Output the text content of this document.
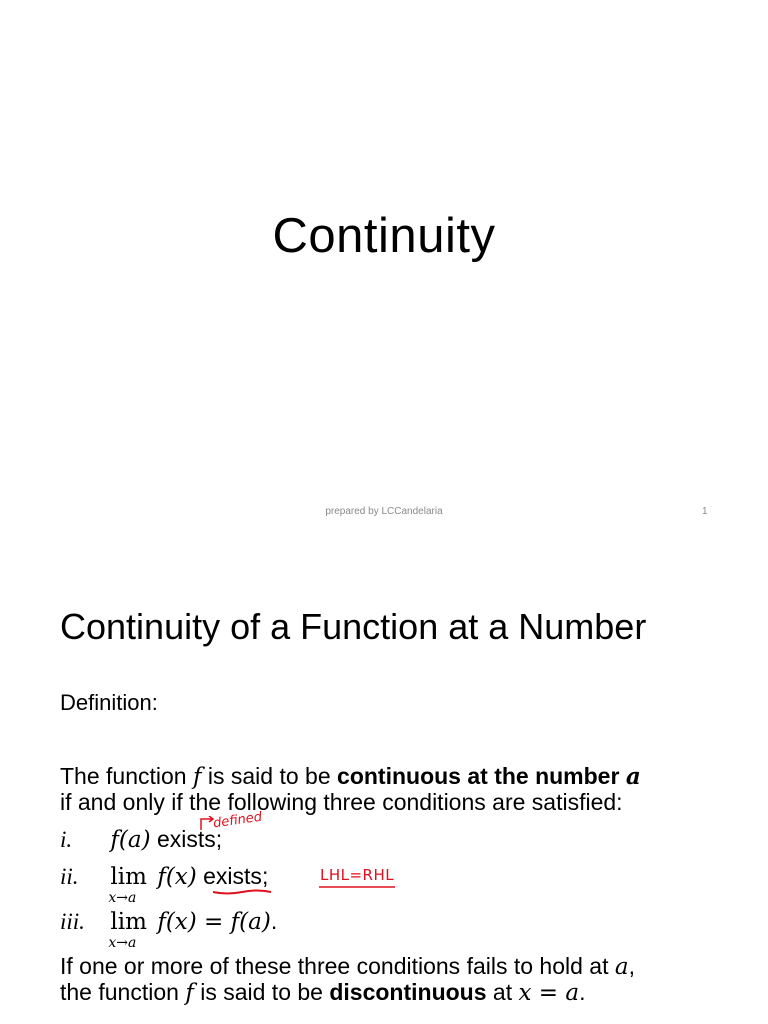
Continuity
prepared by LCCandelaria	1
Continuity of a Function at a Number
Definition:
The function f is said to be continuous at the number a
if and only if the following three conditions are satisfied:
i. f(a) exists;
ii. lim
x→a
f(x) exists;
iii. lim
x→a
f(x) = f(a).
If one or more of these three conditions fails to hold at a,
the function f is said to be discontinuous at x = a.
defined
LHL=RHL
